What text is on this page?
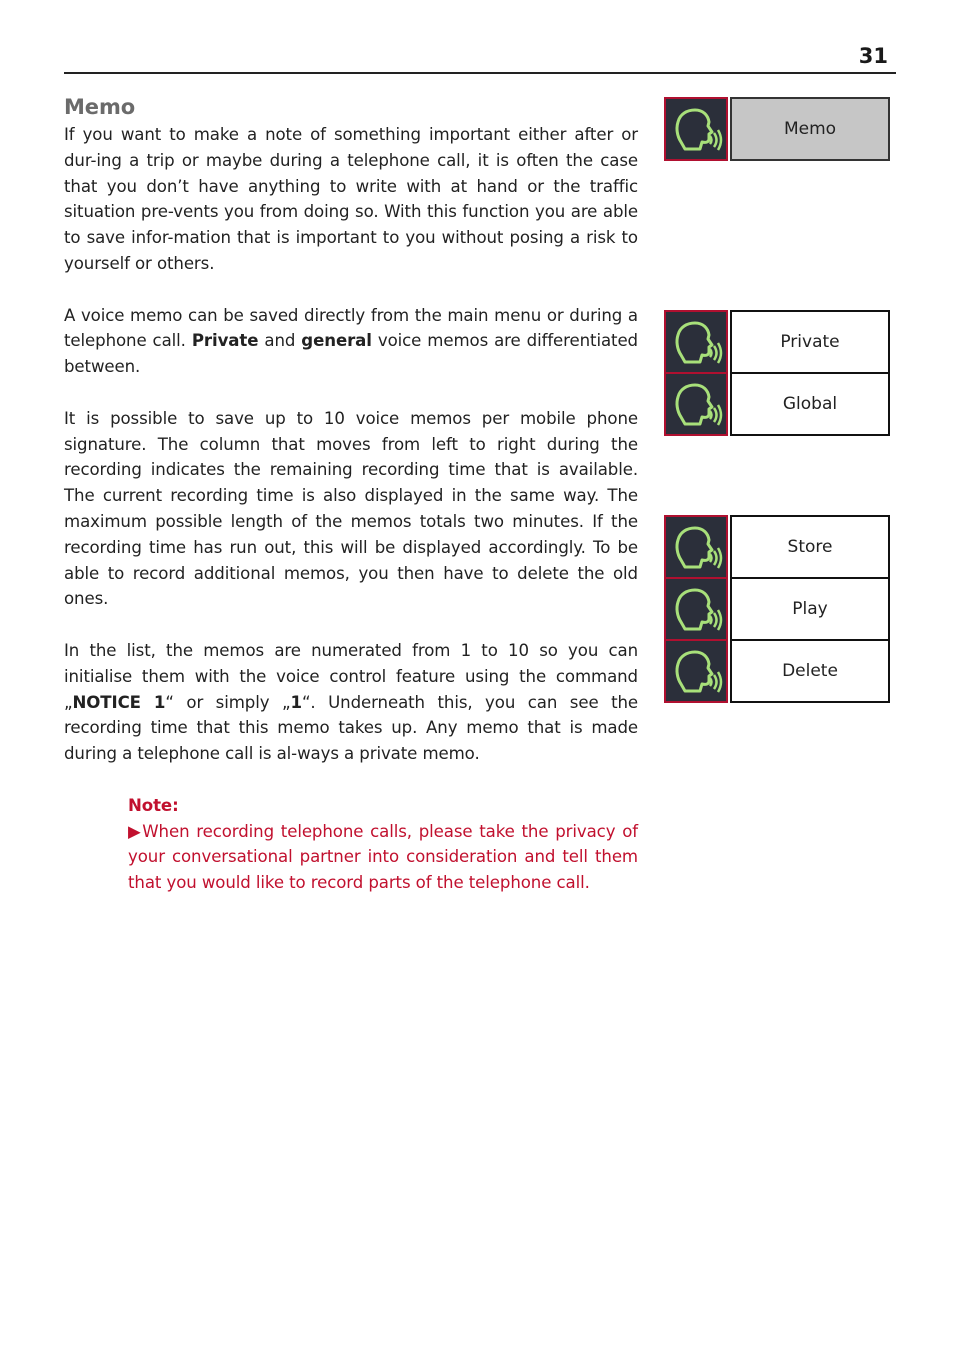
31
Memo

If you want to make a note of something important either after or dur-ing a trip or maybe during a telephone call, it is often the case that you don’t have anything to write with at hand or the traffic situation pre-vents you from doing so. With this function you are able to save infor-mation that is important to you without posing a risk to yourself or others.

A voice memo can be saved directly from the main menu or during a telephone call. Private and general voice memos are differentiated between.

It is possible to save up to 10 voice memos per mobile phone signature. The column that moves from left to right during the recording indicates the remaining recording time that is available. The current recording time is also displayed in the same way. The maximum possible length of the memos totals two minutes. If the recording time has run out, this will be displayed accordingly. To be able to record additional memos, you then have to delete the old ones.

In the list, the memos are numerated from 1 to 10 so you can initialise them with the voice control feature using the command „NOTICE 1“ or simply „1“. Underneath this, you can see the recording time that this memo takes up. Any memo that is made during a telephone call is al-ways a private memo.

Note:
▶When recording telephone calls, please take the privacy of your conversational partner into consideration and tell them that you would like to record parts of the telephone call.
Memo
Private
Global
Store
Play
Delete
